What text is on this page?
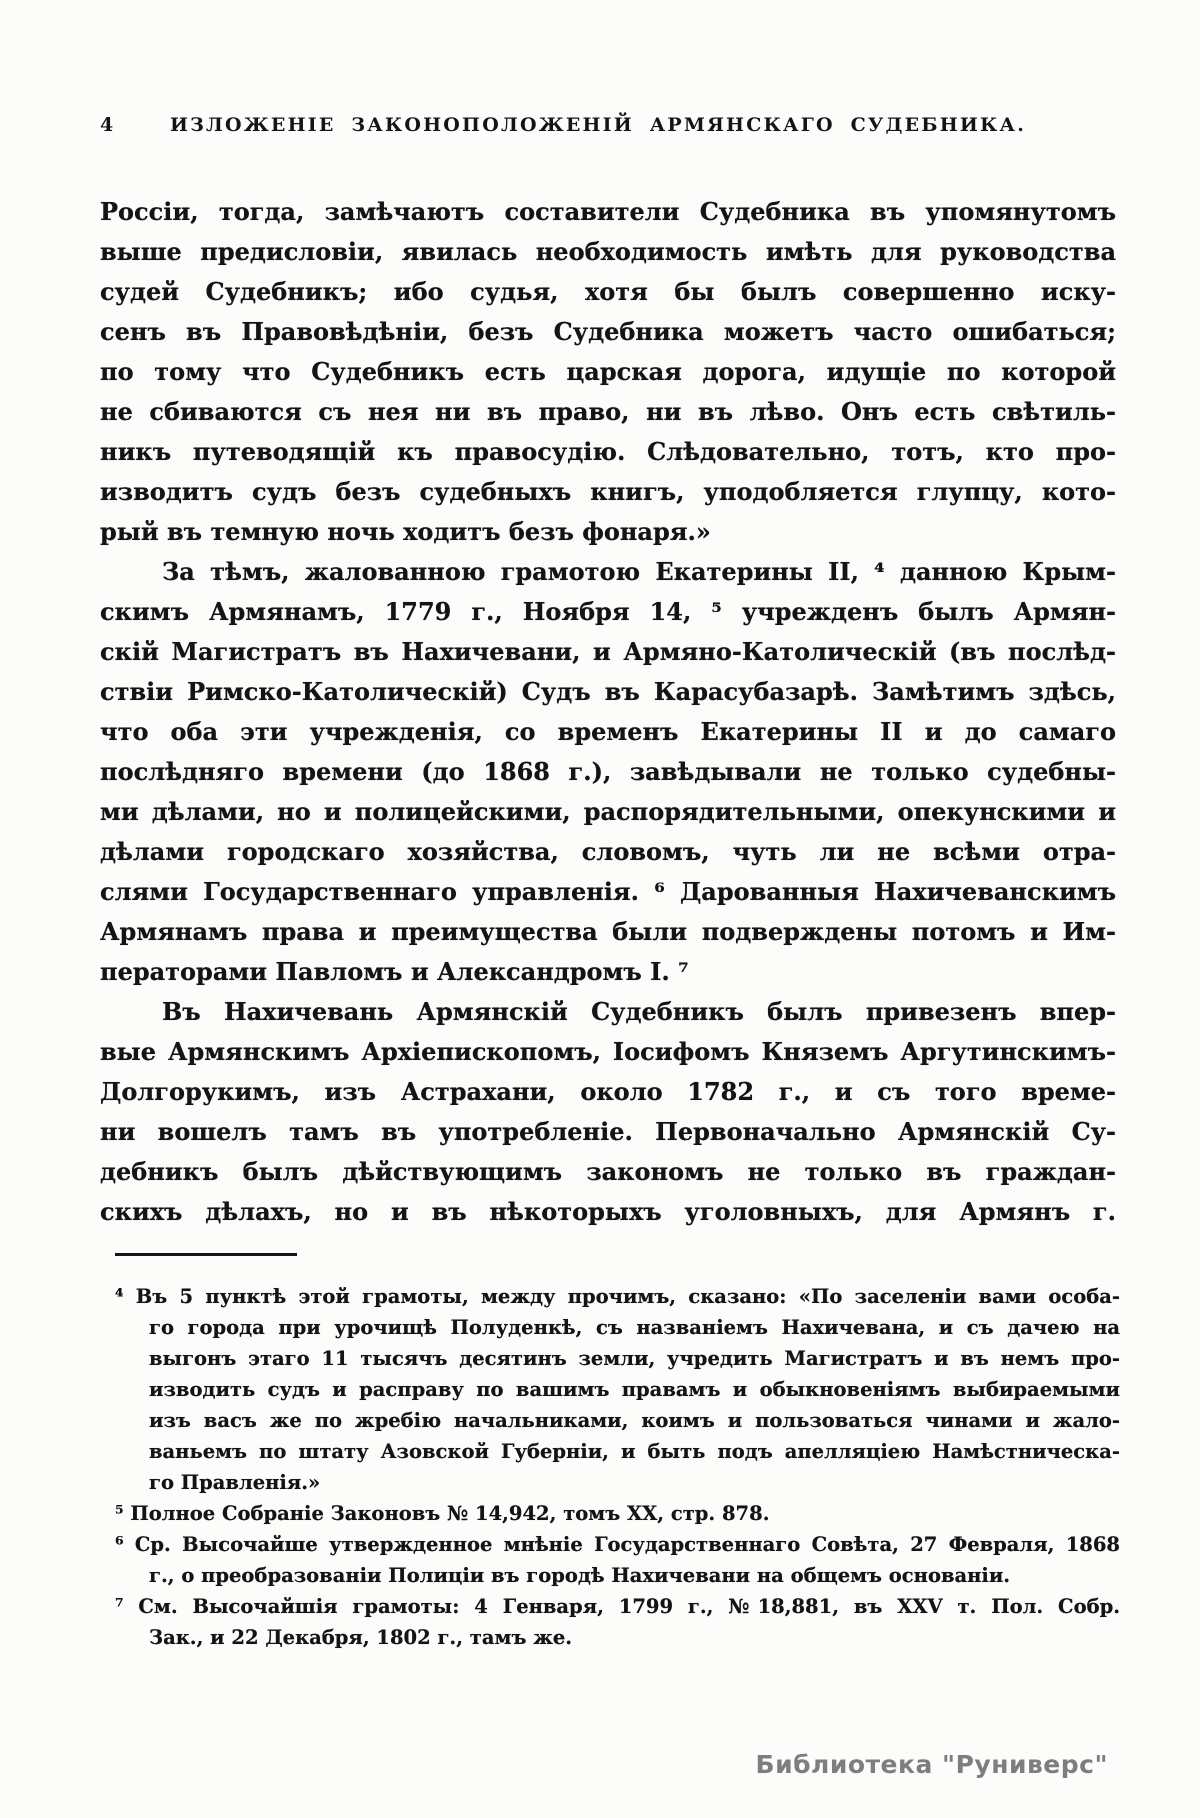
4	ИЗЛОЖЕНІЕ ЗАКОНОПОЛОЖЕНІЙ АРМЯНСКАГО СУДЕБНИКА.
Россіи, тогда, замѣчаютъ составители Судебника въ упомянутомъ
выше предисловіи, явилась необходимость имѣть для руководства
судей Судебникъ; ибо судья, хотя бы былъ совершенно иску-
сенъ въ Правовѣдѣніи, безъ Судебника можетъ часто ошибаться;
по тому что Судебникъ есть царская дорога, идущіе по которой
не сбиваются съ нея ни въ право, ни въ лѣво. Онъ есть свѣтиль-
никъ путеводящій къ правосудію. Слѣдовательно, тотъ, кто про-
изводитъ судъ безъ судебныхъ книгъ, уподобляется глупцу, кото-
рый въ темную ночь ходитъ безъ фонаря.»
За тѣмъ, жалованною грамотою Екатерины II, ⁴ данною Крым-
скимъ Армянамъ, 1779 г., Ноября 14, ⁵ учрежденъ былъ Армян-
скій Магистратъ въ Нахичевани, и Армяно-Католическій (въ послѣд-
ствіи Римско-Католическій) Судъ въ Карасубазарѣ. Замѣтимъ здѣсь,
что оба эти учрежденія, со временъ Екатерины II и до самаго
послѣдняго времени (до 1868 г.), завѣдывали не только судебны-
ми дѣлами, но и полицейскими, распорядительными, опекунскими и
дѣлами городскаго хозяйства, словомъ, чуть ли не всѣми отра-
слями Государственнаго управленія. ⁶ Дарованныя Нахичеванскимъ
Армянамъ права и преимущества были подверждены потомъ и Им-
ператорами Павломъ и Александромъ I. ⁷
Въ Нахичевань Армянскій Судебникъ былъ привезенъ впер-
вые Армянскимъ Архіепископомъ, Іосифомъ Княземъ Аргутинскимъ-
Долгорукимъ, изъ Астрахани, около 1782 г., и съ того време-
ни вошелъ тамъ въ употребленіе. Первоначально Армянскій Су-
дебникъ былъ дѣйствующимъ закономъ не только въ граждан-
скихъ дѣлахъ, но и въ нѣкоторыхъ уголовныхъ, для Армянъ г.
⁴ Въ 5 пунктѣ этой грамоты, между прочимъ, сказано: «По заселеніи вами особа-
го города при урочищѣ Полуденкѣ, съ названіемъ Нахичевана, и съ дачею на
выгонъ этаго 11 тысячъ десятинъ земли, учредить Магистратъ и въ немъ про-
изводить судъ и расправу по вашимъ правамъ и обыкновеніямъ выбираемыми
изъ васъ же по жребію начальниками, коимъ и пользоваться чинами и жало-
ваньемъ по штату Азовской Губерніи, и быть подъ апелляціею Намѣстническа-
го Правленія.»
⁵ Полное Собраніе Законовъ № 14,942, томъ XX, стр. 878.
⁶ Ср. Высочайше утвержденное мнѣніе Государственнаго Совѣта, 27 Февраля, 1868
г., о преобразованіи Полиціи въ городѣ Нахичевани на общемъ основаніи.
⁷ См. Высочайшія грамоты: 4 Генваря, 1799 г., №18,881, въ XXV т. Пол. Собр.
Зак., и 22 Декабря, 1802 г., тамъ же.
Библиотека "Руниверс"
